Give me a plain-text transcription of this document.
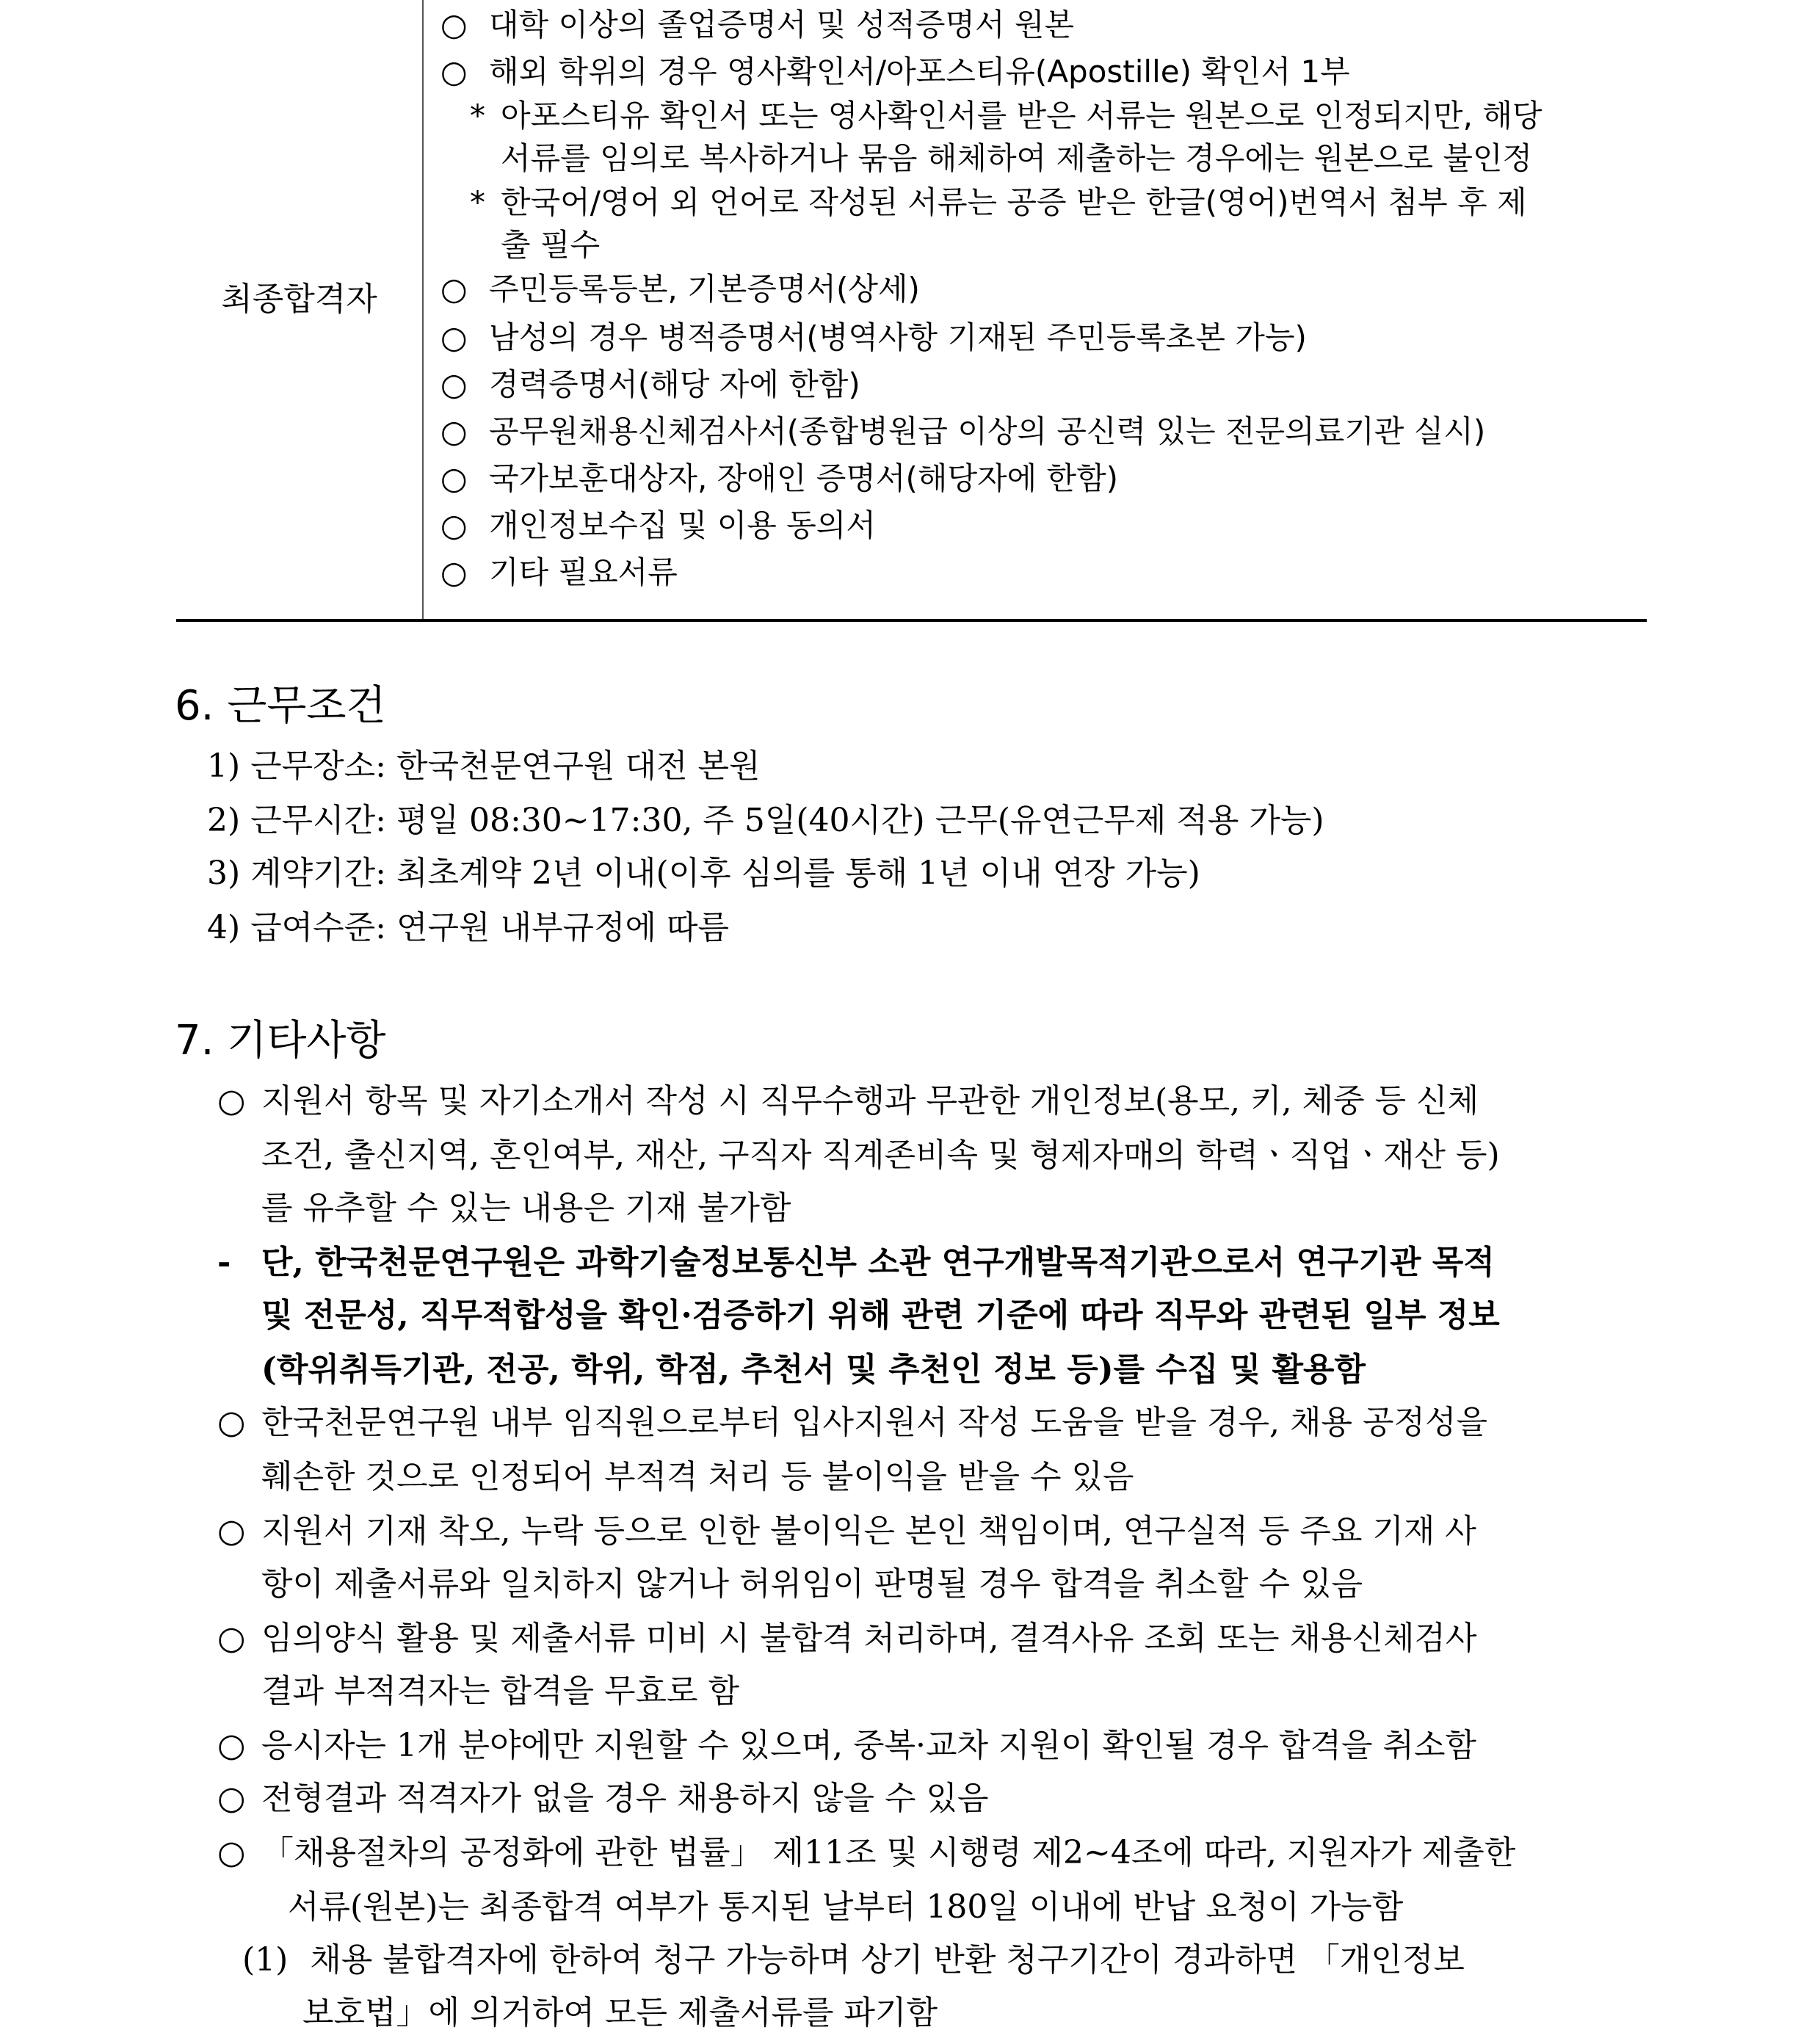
최종합격자
○ 대학 이상의 졸업증명서 및 성적증명서 원본
○ 해외 학위의 경우 영사확인서/아포스티유(Apostille) 확인서 1부
* 아포스티유 확인서 또는 영사확인서를 받은 서류는 원본으로 인정되지만, 해당
서류를 임의로 복사하거나 묶음 해체하여 제출하는 경우에는 원본으로 불인정
* 한국어/영어 외 언어로 작성된 서류는 공증 받은 한글(영어)번역서 첨부 후 제
출 필수
○ 주민등록등본, 기본증명서(상세)
○ 남성의 경우 병적증명서(병역사항 기재된 주민등록초본 가능)
○ 경력증명서(해당 자에 한함)
○ 공무원채용신체검사서(종합병원급 이상의 공신력 있는 전문의료기관 실시)
○ 국가보훈대상자, 장애인 증명서(해당자에 한함)
○ 개인정보수집 및 이용 동의서
○ 기타 필요서류
6. 근무조건
1) 근무장소: 한국천문연구원 대전 본원
2) 근무시간: 평일 08:30~17:30, 주 5일(40시간) 근무(유연근무제 적용 가능)
3) 계약기간: 최초계약 2년 이내(이후 심의를 통해 1년 이내 연장 가능)
4) 급여수준: 연구원 내부규정에 따름
7. 기타사항
○ 지원서 항목 및 자기소개서 작성 시 직무수행과 무관한 개인정보(용모, 키, 체중 등 신체
조건, 출신지역, 혼인여부, 재산, 구직자 직계존비속 및 형제자매의 학력ㆍ직업ㆍ재산 등)
를 유추할 수 있는 내용은 기재 불가함
- 단, 한국천문연구원은 과학기술정보통신부 소관 연구개발목적기관으로서 연구기관 목적
및 전문성, 직무적합성을 확인·검증하기 위해 관련 기준에 따라 직무와 관련된 일부 정보
(학위취득기관, 전공, 학위, 학점, 추천서 및 추천인 정보 등)를 수집 및 활용함
○ 한국천문연구원 내부 임직원으로부터 입사지원서 작성 도움을 받을 경우, 채용 공정성을
훼손한 것으로 인정되어 부적격 처리 등 불이익을 받을 수 있음
○ 지원서 기재 착오, 누락 등으로 인한 불이익은 본인 책임이며, 연구실적 등 주요 기재 사
항이 제출서류와 일치하지 않거나 허위임이 판명될 경우 합격을 취소할 수 있음
○ 임의양식 활용 및 제출서류 미비 시 불합격 처리하며, 결격사유 조회 또는 채용신체검사
결과 부적격자는 합격을 무효로 함
○ 응시자는 1개 분야에만 지원할 수 있으며, 중복·교차 지원이 확인될 경우 합격을 취소함
○ 전형결과 적격자가 없을 경우 채용하지 않을 수 있음
○ 「채용절차의 공정화에 관한 법률」 제11조 및 시행령 제2~4조에 따라, 지원자가 제출한
서류(원본)는 최종합격 여부가 통지된 날부터 180일 이내에 반납 요청이 가능함
(1) 채용 불합격자에 한하여 청구 가능하며 상기 반환 청구기간이 경과하면 「개인정보
보호법」에 의거하여 모든 제출서류를 파기함
